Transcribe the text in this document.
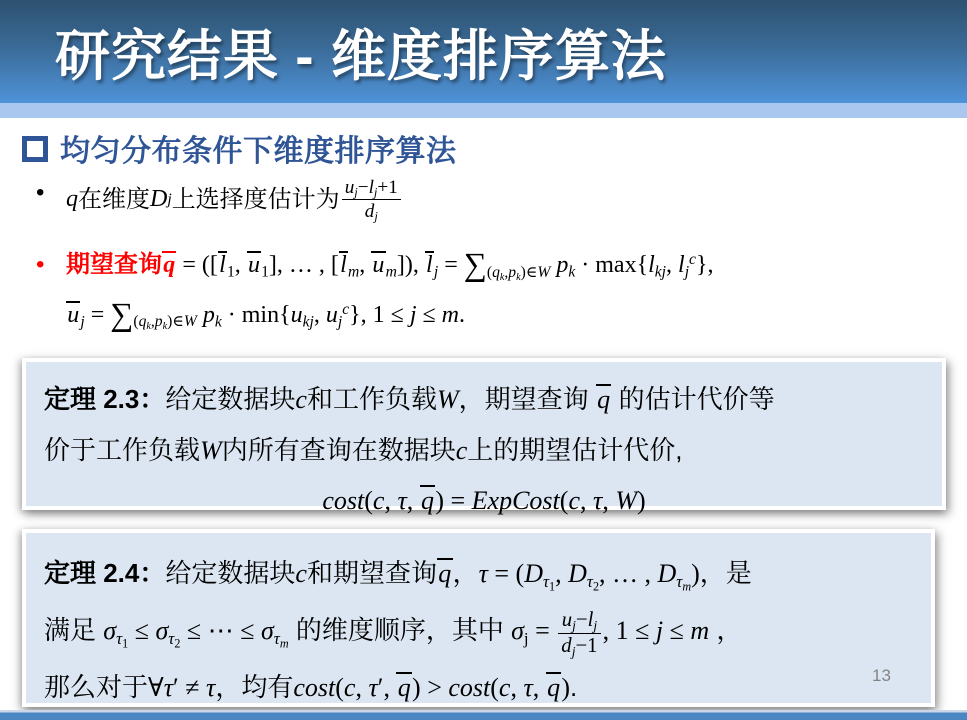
研究结果 - 维度排序算法
均匀分布条件下维度排序算法
• q 在维度 D j 上选择度估计为 $\frac{u_j-l_j+1}{d_j}$
• 期望查询$q = ([l_1$, $u_1$], … , [$l_m$, $u_m$]), $l_j = \sum_{(q_k,p_k)\in W}$ $p_k \cdot \max\{l_{kj}$, $l_j^c$},
$u_j = \sum_{(q_k,p_k)\in W}$ $p_k \cdot \min\{u_{kj}$, $u_j^c$}, 1 ≤ j ≤ m.

定理 2.3：给定数据块c和工作负载W，期望查询 q 的估计代价等

价于工作负载W内所有查询在数据块c上的期望估计代价,

cost(c, τ, q) = ExpCost(c, τ, W)

定理 2.4：给定数据块c和期望查询q，$\tau = (D_{\tau_1}$, $D_{\tau_2}$, … , $D_{\tau_m}$)，是

满足 $\sigma_{\tau_1} \le \sigma_{\tau_2}$ ≤ ⋯ ≤ $\sigma_{\tau_m}$ 的维度顺序，其中 $\sigma_j = \frac{u_j-l_j}{d_j-1}$ , 1 ≤ j ≤ m ，

那么对于∀τ′ ≠ τ，均有cost(c, τ′, q) > cost(c, τ, q).	13
